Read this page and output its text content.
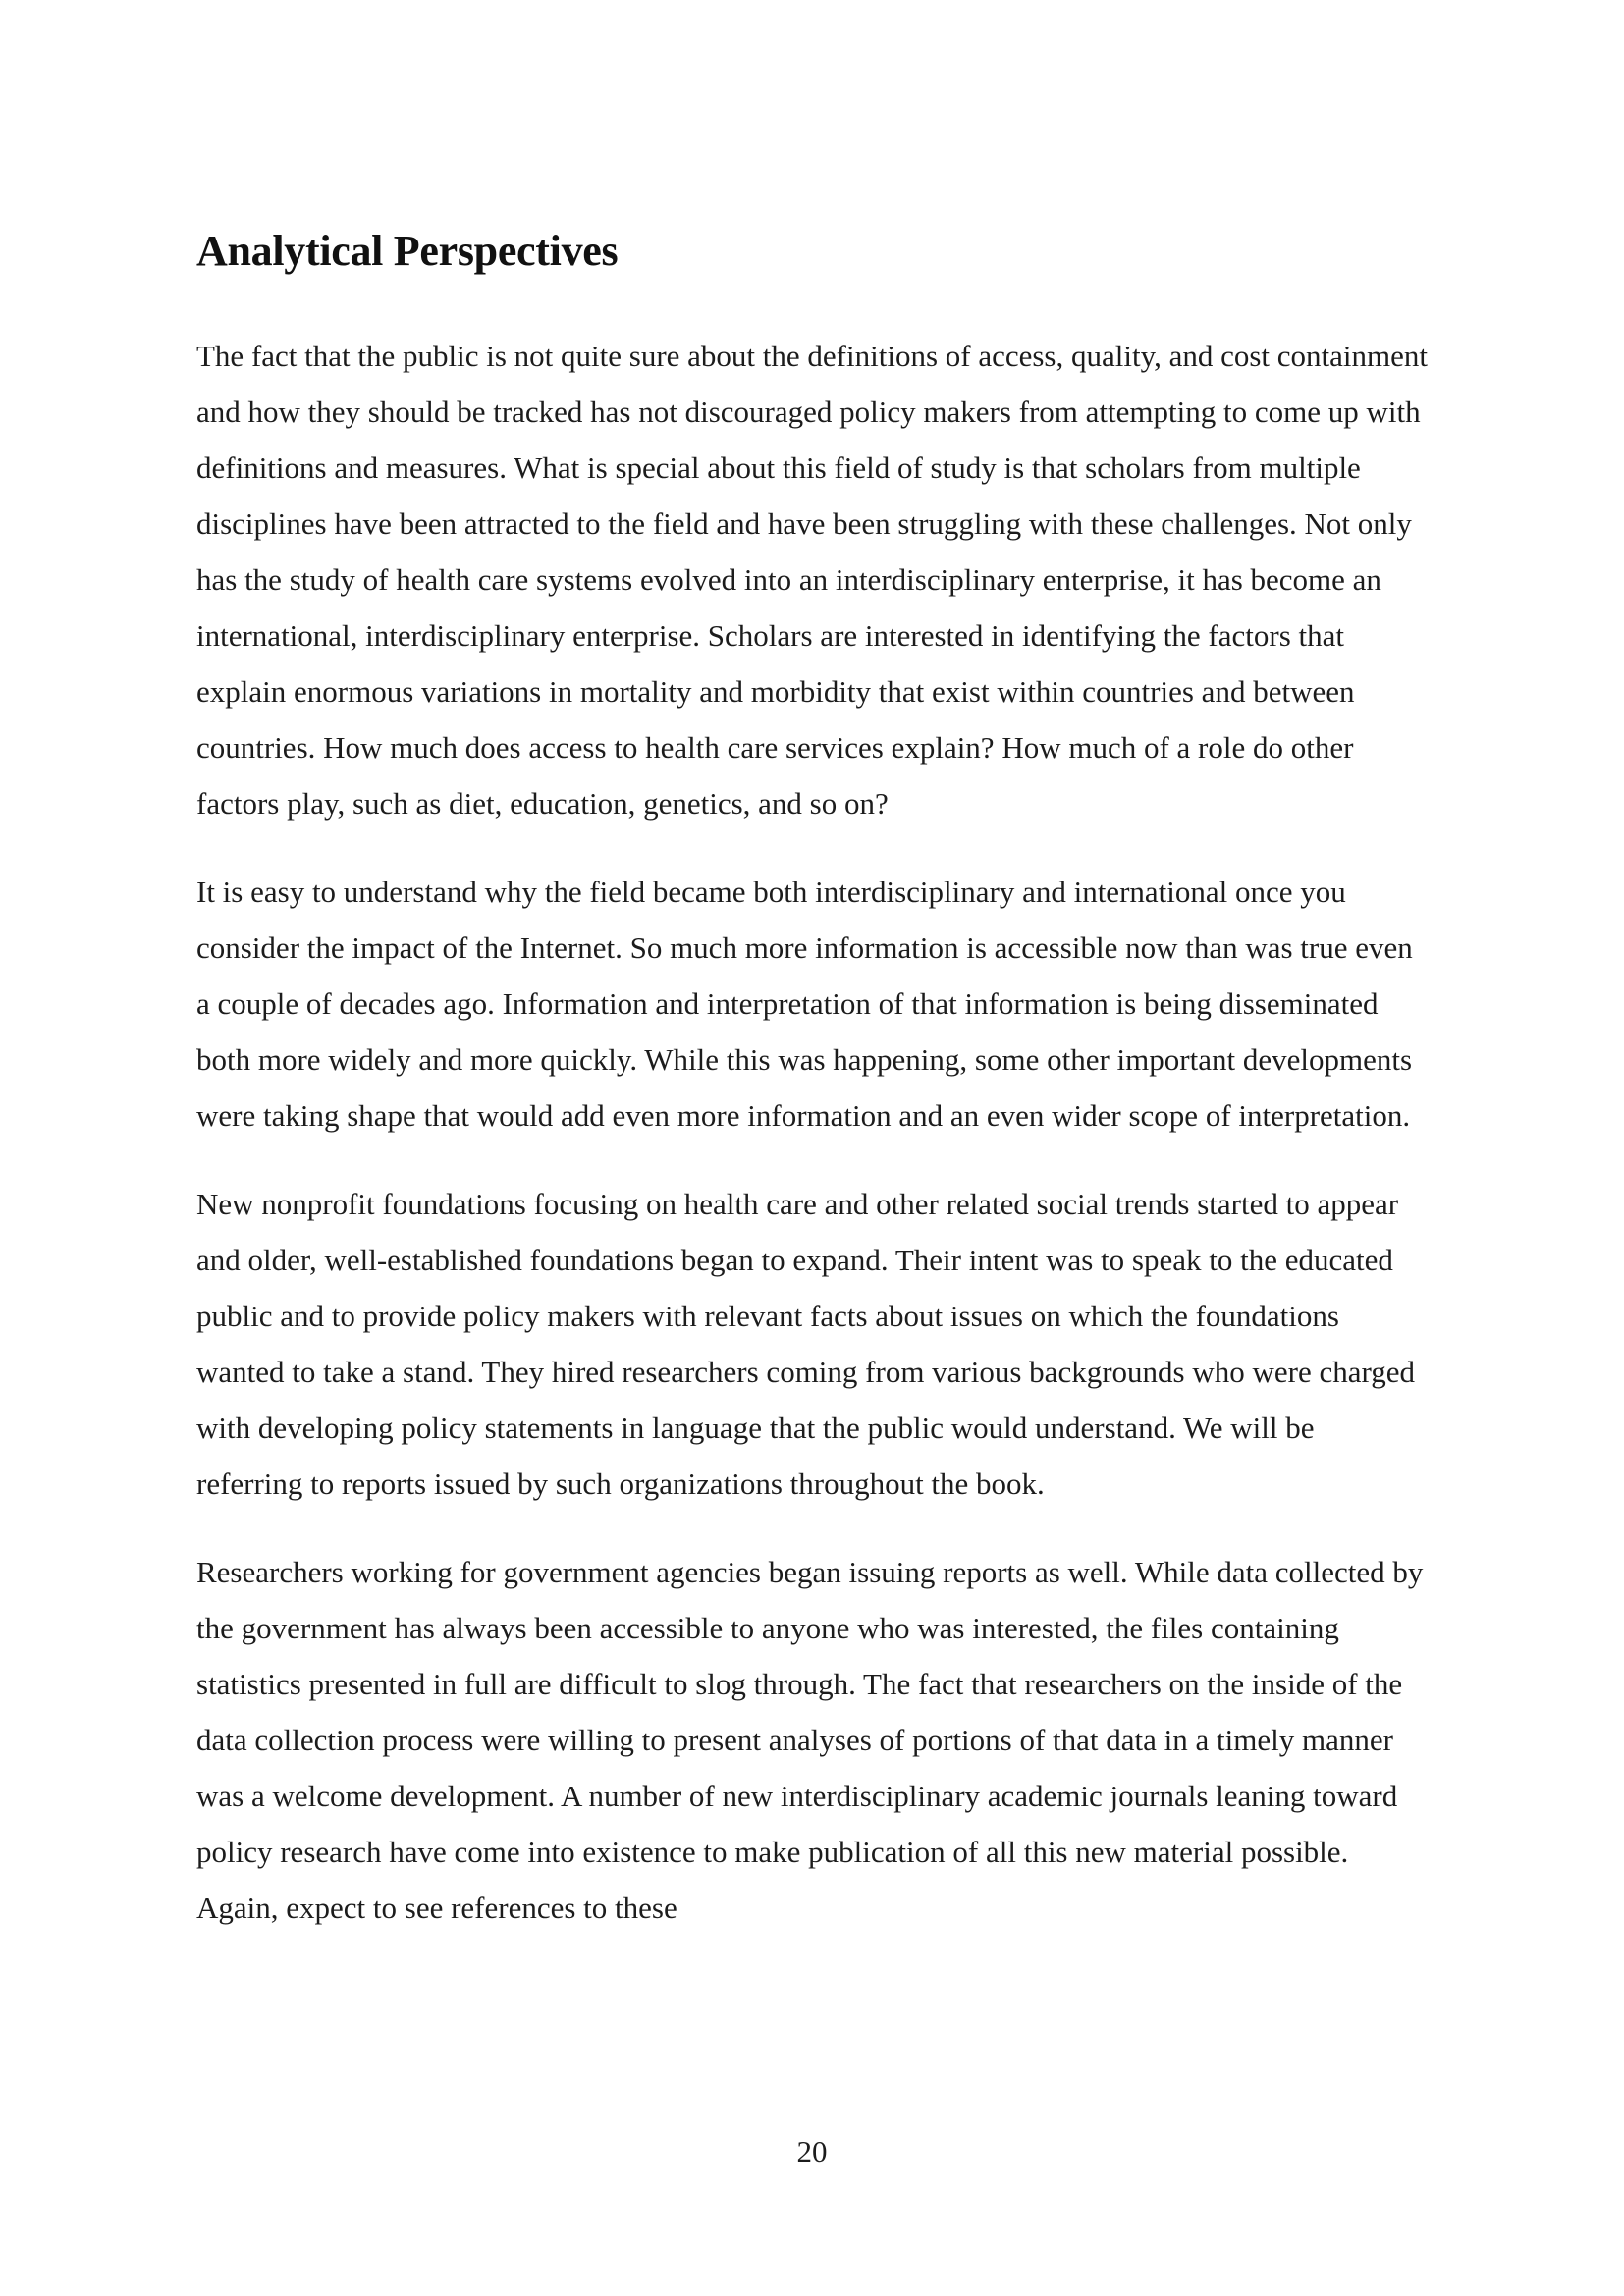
Analytical Perspectives

The fact that the public is not quite sure about the definitions of access, quality, and cost containment and how they should be tracked has not discouraged policy makers from attempting to come up with definitions and measures. What is special about this field of study is that scholars from multiple disciplines have been attracted to the field and have been struggling with these challenges. Not only has the study of health care systems evolved into an interdisciplinary enterprise, it has become an international, interdisciplinary enterprise. Scholars are interested in identifying the factors that explain enormous variations in mortality and morbidity that exist within countries and between countries. How much does access to health care services explain? How much of a role do other factors play, such as diet, education, genetics, and so on?

It is easy to understand why the field became both interdisciplinary and international once you consider the impact of the Internet. So much more information is accessible now than was true even a couple of decades ago. Information and interpretation of that information is being disseminated both more widely and more quickly. While this was happening, some other important developments were taking shape that would add even more information and an even wider scope of interpretation.

New nonprofit foundations focusing on health care and other related social trends started to appear and older, well-established foundations began to expand. Their intent was to speak to the educated public and to provide policy makers with relevant facts about issues on which the foundations wanted to take a stand. They hired researchers coming from various backgrounds who were charged with developing policy statements in language that the public would understand. We will be referring to reports issued by such organizations throughout the book.

Researchers working for government agencies began issuing reports as well. While data collected by the government has always been accessible to anyone who was interested, the files containing statistics presented in full are difficult to slog through. The fact that researchers on the inside of the data collection process were willing to present analyses of portions of that data in a timely manner was a welcome development. A number of new interdisciplinary academic journals leaning toward policy research have come into existence to make publication of all this new material possible. Again, expect to see references to these

20
